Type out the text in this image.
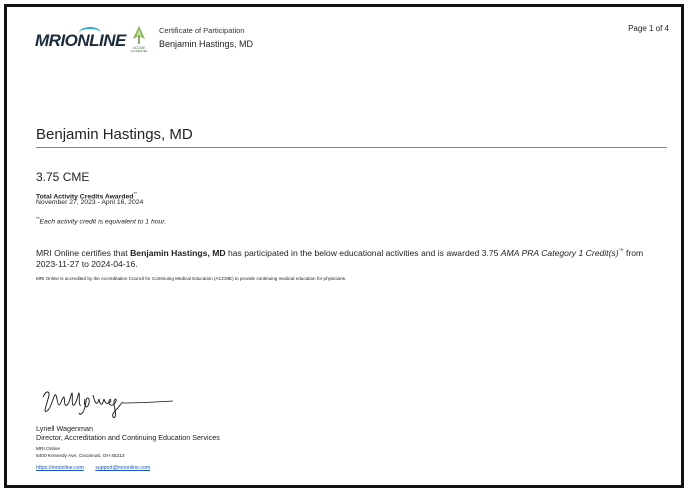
MRIONLINE	ACCME
ACCREDITED
Certificate of Participation
Benjamin Hastings, MD
Page 1 of 4
Benjamin Hastings, MD
3.75 CME
Total Activity Credits Awarded**
November 27, 2023 - April 16, 2024
**Each activity credit is equivalent to 1 hour.
MRI Online certifies that Benjamin Hastings, MD has participated in the below educational activities and is awarded 3.75 AMA PRA Category 1 Credit(s)™ from 2023-11-27 to 2024-04-16.
MRI Online is accredited by the Accreditation Council for Continuing Medical Education (ACCME) to provide continuing medical education for physicians.
Lynell Wagenman
Director, Accreditation and Continuing Education Services
MRI Online
5400 Kennedy Ave, Cincinnati, OH 45213
https://mrionline.com support@mrionline.com
